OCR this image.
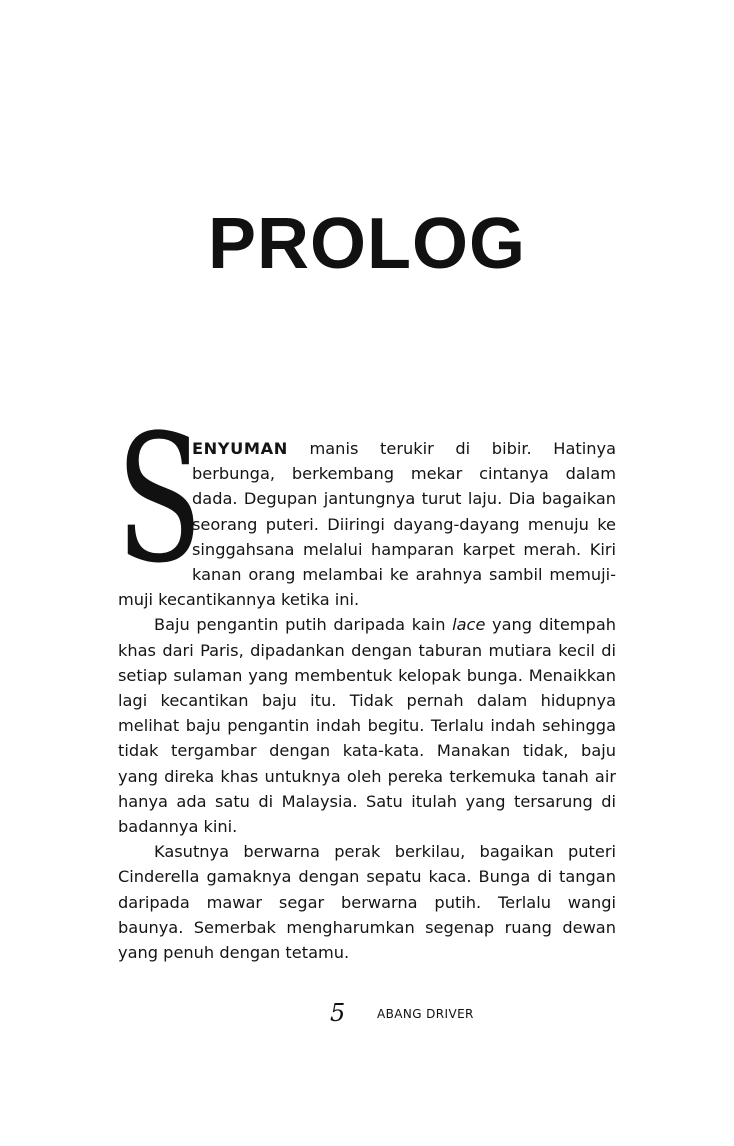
PROLOG

S
ENYUMAN manis terukir di bibir. Hatinya berbunga, berkembang mekar cintanya dalam dada. Degupan jantungnya turut laju. Dia bagaikan seorang puteri. Diiringi dayang-dayang menuju ke singgahsana melalui hamparan karpet merah. Kiri kanan orang melambai ke arahnya sambil memuji-muji kecantikannya ketika ini.

Baju pengantin putih daripada kain lace yang ditempah khas dari Paris, dipadankan dengan taburan mutiara kecil di setiap sulaman yang membentuk kelopak bunga. Menaikkan lagi kecantikan baju itu. Tidak pernah dalam hidupnya melihat baju pengantin indah begitu. Terlalu indah sehingga tidak tergambar dengan kata-kata. Manakan tidak, baju yang direka khas untuknya oleh pereka terkemuka tanah air hanya ada satu di Malaysia. Satu itulah yang tersarung di badannya kini.

Kasutnya berwarna perak berkilau, bagaikan puteri Cinderella gamaknya dengan sepatu kaca. Bunga di tangan daripada mawar segar berwarna putih. Terlalu wangi baunya. Semerbak mengharumkan segenap ruang dewan yang penuh dengan tetamu.

5	ABANG DRIVER
